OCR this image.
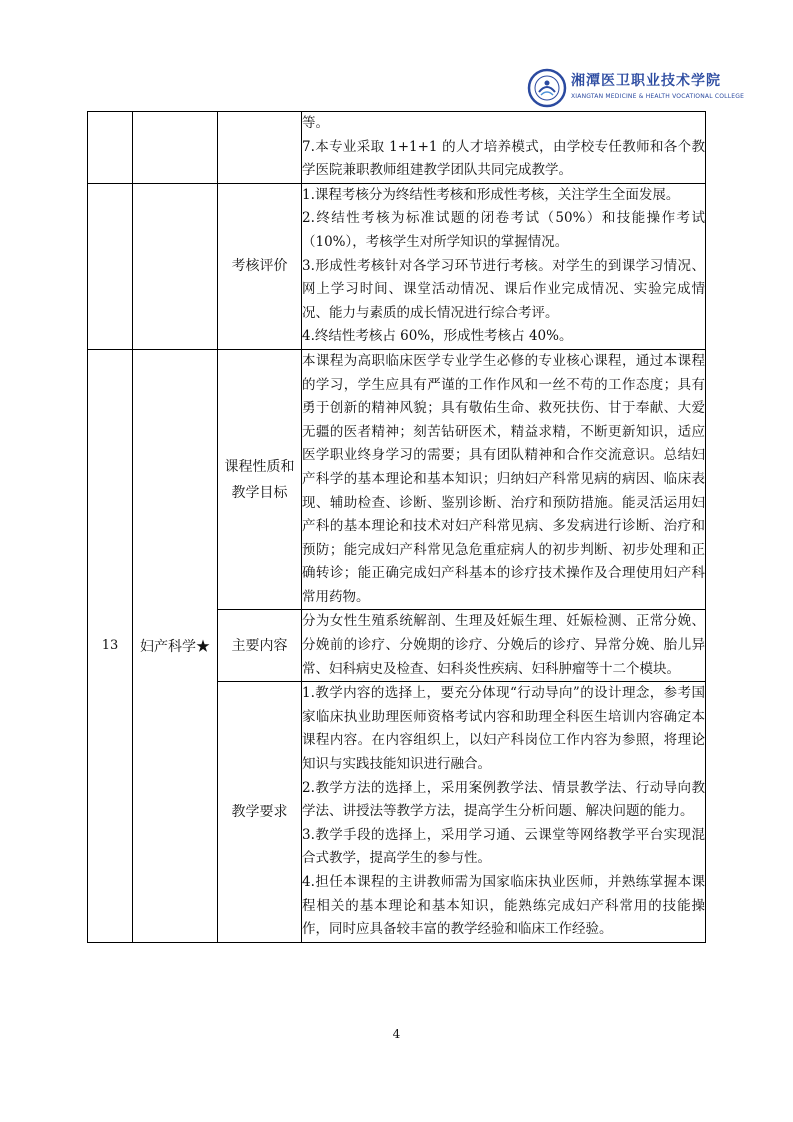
湘潭医卫职业技术学院
XIANGTAN MEDICINE & HEALTH VOCATIONAL COLLEGE

			等。

7.本专业采取 1+1+1 的人才培养模式，由学校专任教师和各个教学医院兼职教师组建教学团队共同完成教学。

		考核评价	1.课程考核分为终结性考核和形成性考核，关注学生全面发展。

2.终结性考核为标准试题的闭卷考试（50%）和技能操作考试（10%），考核学生对所学知识的掌握情况。

3.形成性考核针对各学习环节进行考核。对学生的到课学习情况、网上学习时间、课堂活动情况、课后作业完成情况、实验完成情况、能力与素质的成长情况进行综合考评。

4.终结性考核占 60%，形成性考核占 40%。

13	妇产科学★	课程性质和教学目标	本课程为高职临床医学专业学生必修的专业核心课程，通过本课程的学习，学生应具有严谨的工作作风和一丝不苟的工作态度；具有勇于创新的精神风貌；具有敬佑生命、救死扶伤、甘于奉献、大爱无疆的医者精神；刻苦钻研医术，精益求精，不断更新知识，适应医学职业终身学习的需要；具有团队精神和合作交流意识。总结妇产科学的基本理论和基本知识；归纳妇产科常见病的病因、临床表现、辅助检查、诊断、鉴别诊断、治疗和预防措施。能灵活运用妇产科的基本理论和技术对妇产科常见病、多发病进行诊断、治疗和预防；能完成妇产科常见急危重症病人的初步判断、初步处理和正确转诊；能正确完成妇产科基本的诊疗技术操作及合理使用妇产科常用药物。

		主要内容	分为女性生殖系统解剖、生理及妊娠生理、妊娠检测、正常分娩、分娩前的诊疗、分娩期的诊疗、分娩后的诊疗、异常分娩、胎儿异常、妇科病史及检查、妇科炎性疾病、妇科肿瘤等十二个模块。

		教学要求	1.教学内容的选择上，要充分体现“行动导向”的设计理念，参考国家临床执业助理医师资格考试内容和助理全科医生培训内容确定本课程内容。在内容组织上，以妇产科岗位工作内容为参照，将理论知识与实践技能知识进行融合。

2.教学方法的选择上，采用案例教学法、情景教学法、行动导向教学法、讲授法等教学方法，提高学生分析问题、解决问题的能力。

3.教学手段的选择上，采用学习通、云课堂等网络教学平台实现混合式教学，提高学生的参与性。

4.担任本课程的主讲教师需为国家临床执业医师，并熟练掌握本课程相关的基本理论和基本知识，能熟练完成妇产科常用的技能操作，同时应具备较丰富的教学经验和临床工作经验。

4
